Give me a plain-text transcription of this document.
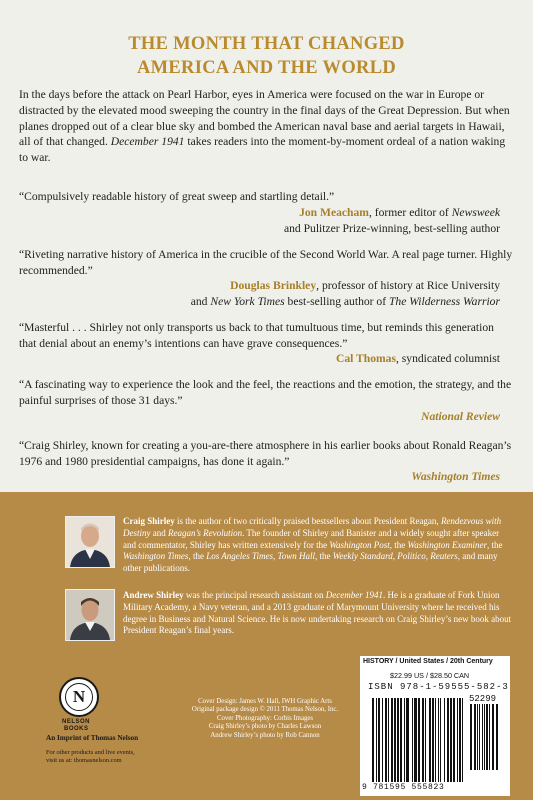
THE MONTH THAT CHANGED
AMERICA AND THE WORLD
In the days before the attack on Pearl Harbor, eyes in America were focused on the war in Europe or distracted by the elevated mood sweeping the country in the final days of the Great Depression. But when planes dropped out of a clear blue sky and bombed the American naval base and aerial targets in Hawaii, all of that changed. December 1941 takes readers into the moment-by-moment ordeal of a nation waking to war.
“Compulsively readable history of great sweep and startling detail.”
Jon Meacham, former editor of Newsweek
and Pulitzer Prize-winning, best-selling author
“Riveting narrative history of America in the crucible of the Second World War. A real page turner. Highly recommended.”
Douglas Brinkley, professor of history at Rice University
and New York Times best-selling author of The Wilderness Warrior
“Masterful . . . Shirley not only transports us back to that tumultuous time, but reminds this generation that denial about an enemy’s intentions can have grave consequences.”
Cal Thomas, syndicated columnist
“A fascinating way to experience the look and the feel, the reactions and the emotion, the strategy, and the painful surprises of those 31 days.”
National Review
“Craig Shirley, known for creating a you-are-there atmosphere in his earlier books about Ronald Reagan’s 1976 and 1980 presidential campaigns, has done it again.”
Washington Times
Craig Shirley is the author of two critically praised bestsellers about President Reagan, Rendezvous with Destiny and Reagan’s Revolution. The founder of Shirley and Banister and a widely sought after speaker and commentator, Shirley has written extensively for the Washington Post, the Washington Examiner, the Washington Times, the Los Angeles Times, Town Hall, the Weekly Standard, Politico, Reuters, and many other publications.
Andrew Shirley was the principal research assistant on December 1941. He is a graduate of Fork Union Military Academy, a Navy veteran, and a 2013 graduate of Marymount University where he received his degree in Business and Natural Science. He is now undertaking research on Craig Shirley’s new book about President Reagan’s final years.
N
NELSON
BOOKS
An Imprint of Thomas Nelson
For other products and live events,
visit us at: thomasnelson.com
Cover Design: James W. Hall, IWH Graphic Arts
Original package design © 2011 Thomas Nelson, Inc.
Cover Photography: Corbis Images
Craig Shirley’s photo by Charles Lawson
Andrew Shirley’s photo by Rob Cannon
HISTORY / United States / 20th Century
$22.99 US / $28.50 CAN
ISBN 978-1-59555-582-3
52299
9 781595 555823
